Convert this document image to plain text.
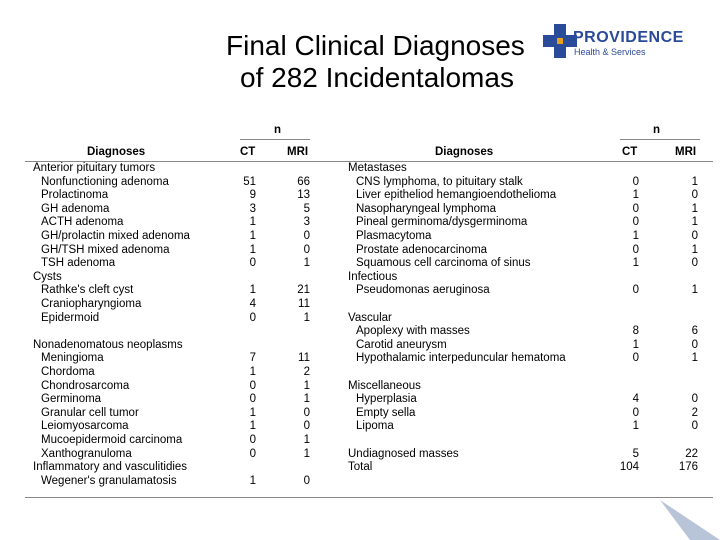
Final Clinical Diagnoses
of 282 Incidentalomas
PROVIDENCE
Health & Services
n
Diagnoses	CT	MRI
n
Diagnoses	CT	MRI
Anterior pituitary tumors
Nonfunctioning adenoma	51	66
Prolactinoma	9	13
GH adenoma	3	5
ACTH adenoma	1	3
GH/prolactin mixed adenoma	1	0
GH/TSH mixed adenoma	1	0
TSH adenoma	0	1
Cysts
Rathke's cleft cyst	1	21
Craniopharyngioma	4	11
Epidermoid	0	1
Nonadenomatous neoplasms
Meningioma	7	11
Chordoma	1	2
Chondrosarcoma	0	1
Germinoma	0	1
Granular cell tumor	1	0
Leiomyosarcoma	1	0
Mucoepidermoid carcinoma	0	1
Xanthogranuloma	0	1
Inflammatory and vasculitidies
Wegener's granulamatosis	1	0
Metastases
CNS lymphoma, to pituitary stalk	0	1
Liver epitheliod hemangioendothelioma	1	0
Nasopharyngeal lymphoma	0	1
Pineal germinoma/dysgerminoma	0	1
Plasmacytoma	1	0
Prostate adenocarcinoma	0	1
Squamous cell carcinoma of sinus	1	0
Infectious
Pseudomonas aeruginosa	0	1
Vascular
Apoplexy with masses	8	6
Carotid aneurysm	1	0
Hypothalamic interpeduncular hematoma	0	1
Miscellaneous
Hyperplasia	4	0
Empty sella	0	2
Lipoma	1	0
Undiagnosed masses	5	22
Total	104	176
